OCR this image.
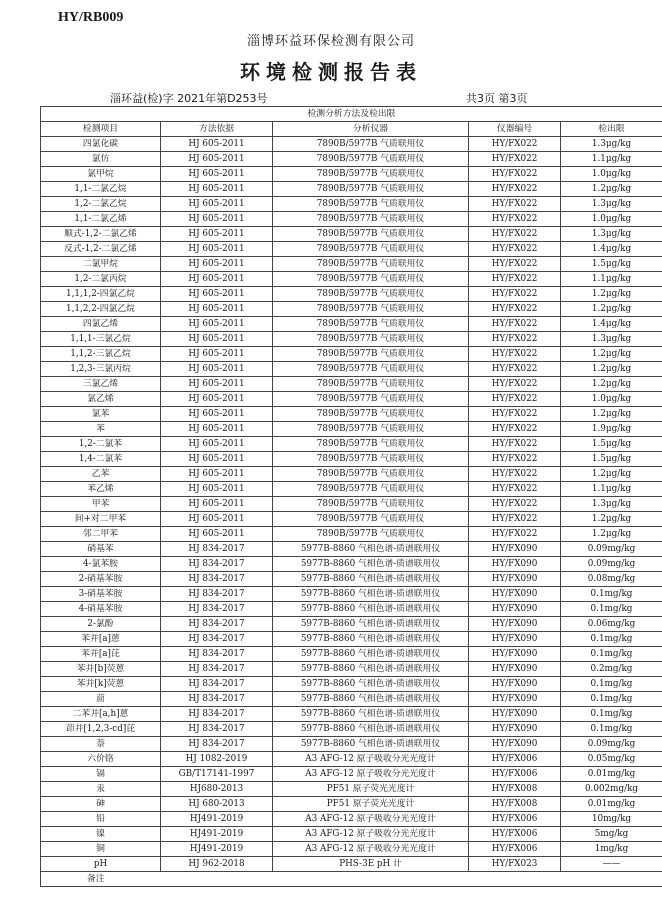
HY/RB009
淄博环益环保检测有限公司
环境检测报告表
淄环益(检)字 2021年第D253号	共3页 第3页
检测分析方法及检出限				
检测项目	方法依据	分析仪器	仪器编号	检出限
四氯化碳	HJ 605-2011	7890B/5977B 气质联用仪	HY/FX022	1.3μg/kg
氯仿	HJ 605-2011	7890B/5977B 气质联用仪	HY/FX022	1.1μg/kg
氯甲烷	HJ 605-2011	7890B/5977B 气质联用仪	HY/FX022	1.0μg/kg
1,1-二氯乙烷	HJ 605-2011	7890B/5977B 气质联用仪	HY/FX022	1.2μg/kg
1,2-二氯乙烷	HJ 605-2011	7890B/5977B 气质联用仪	HY/FX022	1.3μg/kg
1,1-二氯乙烯	HJ 605-2011	7890B/5977B 气质联用仪	HY/FX022	1.0μg/kg
顺式-1,2-二氯乙烯	HJ 605-2011	7890B/5977B 气质联用仪	HY/FX022	1.3μg/kg
反式-1,2-二氯乙烯	HJ 605-2011	7890B/5977B 气质联用仪	HY/FX022	1.4μg/kg
二氯甲烷	HJ 605-2011	7890B/5977B 气质联用仪	HY/FX022	1.5μg/kg
1,2-二氯丙烷	HJ 605-2011	7890B/5977B 气质联用仪	HY/FX022	1.1μg/kg
1,1,1,2-四氯乙烷	HJ 605-2011	7890B/5977B 气质联用仪	HY/FX022	1.2μg/kg
1,1,2,2-四氯乙烷	HJ 605-2011	7890B/5977B 气质联用仪	HY/FX022	1.2μg/kg
四氯乙烯	HJ 605-2011	7890B/5977B 气质联用仪	HY/FX022	1.4μg/kg
1,1,1-三氯乙烷	HJ 605-2011	7890B/5977B 气质联用仪	HY/FX022	1.3μg/kg
1,1,2-三氯乙烷	HJ 605-2011	7890B/5977B 气质联用仪	HY/FX022	1.2μg/kg
1,2,3-三氯丙烷	HJ 605-2011	7890B/5977B 气质联用仪	HY/FX022	1.2μg/kg
三氯乙烯	HJ 605-2011	7890B/5977B 气质联用仪	HY/FX022	1.2μg/kg
氯乙烯	HJ 605-2011	7890B/5977B 气质联用仪	HY/FX022	1.0μg/kg
氯苯	HJ 605-2011	7890B/5977B 气质联用仪	HY/FX022	1.2μg/kg
苯	HJ 605-2011	7890B/5977B 气质联用仪	HY/FX022	1.9μg/kg
1,2-二氯苯	HJ 605-2011	7890B/5977B 气质联用仪	HY/FX022	1.5μg/kg
1,4-二氯苯	HJ 605-2011	7890B/5977B 气质联用仪	HY/FX022	1.5μg/kg
乙苯	HJ 605-2011	7890B/5977B 气质联用仪	HY/FX022	1.2μg/kg
苯乙烯	HJ 605-2011	7890B/5977B 气质联用仪	HY/FX022	1.1μg/kg
甲苯	HJ 605-2011	7890B/5977B 气质联用仪	HY/FX022	1.3μg/kg
间+对二甲苯	HJ 605-2011	7890B/5977B 气质联用仪	HY/FX022	1.2μg/kg
邻二甲苯	HJ 605-2011	7890B/5977B 气质联用仪	HY/FX022	1.2μg/kg
硝基苯	HJ 834-2017	5977B-8860 气相色谱-质谱联用仪	HY/FX090	0.09mg/kg
4-氯苯胺	HJ 834-2017	5977B-8860 气相色谱-质谱联用仪	HY/FX090	0.09mg/kg
2-硝基苯胺	HJ 834-2017	5977B-8860 气相色谱-质谱联用仪	HY/FX090	0.08mg/kg
3-硝基苯胺	HJ 834-2017	5977B-8860 气相色谱-质谱联用仪	HY/FX090	0.1mg/kg
4-硝基苯胺	HJ 834-2017	5977B-8860 气相色谱-质谱联用仪	HY/FX090	0.1mg/kg
2-氯酚	HJ 834-2017	5977B-8860 气相色谱-质谱联用仪	HY/FX090	0.06mg/kg
苯并[a]蒽	HJ 834-2017	5977B-8860 气相色谱-质谱联用仪	HY/FX090	0.1mg/kg
苯并[a]芘	HJ 834-2017	5977B-8860 气相色谱-质谱联用仪	HY/FX090	0.1mg/kg
苯并[b]荧蒽	HJ 834-2017	5977B-8860 气相色谱-质谱联用仪	HY/FX090	0.2mg/kg
苯并[k]荧蒽	HJ 834-2017	5977B-8860 气相色谱-质谱联用仪	HY/FX090	0.1mg/kg
䓛	HJ 834-2017	5977B-8860 气相色谱-质谱联用仪	HY/FX090	0.1mg/kg
二苯并[a,h]蒽	HJ 834-2017	5977B-8860 气相色谱-质谱联用仪	HY/FX090	0.1mg/kg
茚并[1,2,3-cd]芘	HJ 834-2017	5977B-8860 气相色谱-质谱联用仪	HY/FX090	0.1mg/kg
萘	HJ 834-2017	5977B-8860 气相色谱-质谱联用仪	HY/FX090	0.09mg/kg
六价铬	HJ 1082-2019	A3 AFG-12 原子吸收分光光度计	HY/FX006	0.05mg/kg
镉	GB/T17141-1997	A3 AFG-12 原子吸收分光光度计	HY/FX006	0.01mg/kg
汞	HJ680-2013	PF51 原子荧光光度计	HY/FX008	0.002mg/kg
砷	HJ 680-2013	PF51 原子荧光光度计	HY/FX008	0.01mg/kg
铅	HJ491-2019	A3 AFG-12 原子吸收分光光度计	HY/FX006	10mg/kg
镍	HJ491-2019	A3 AFG-12 原子吸收分光光度计	HY/FX006	5mg/kg
铜	HJ491-2019	A3 AFG-12 原子吸收分光光度计	HY/FX006	1mg/kg
pH	HJ 962-2018	PHS-3E pH 计	HY/FX023	——
备注				
